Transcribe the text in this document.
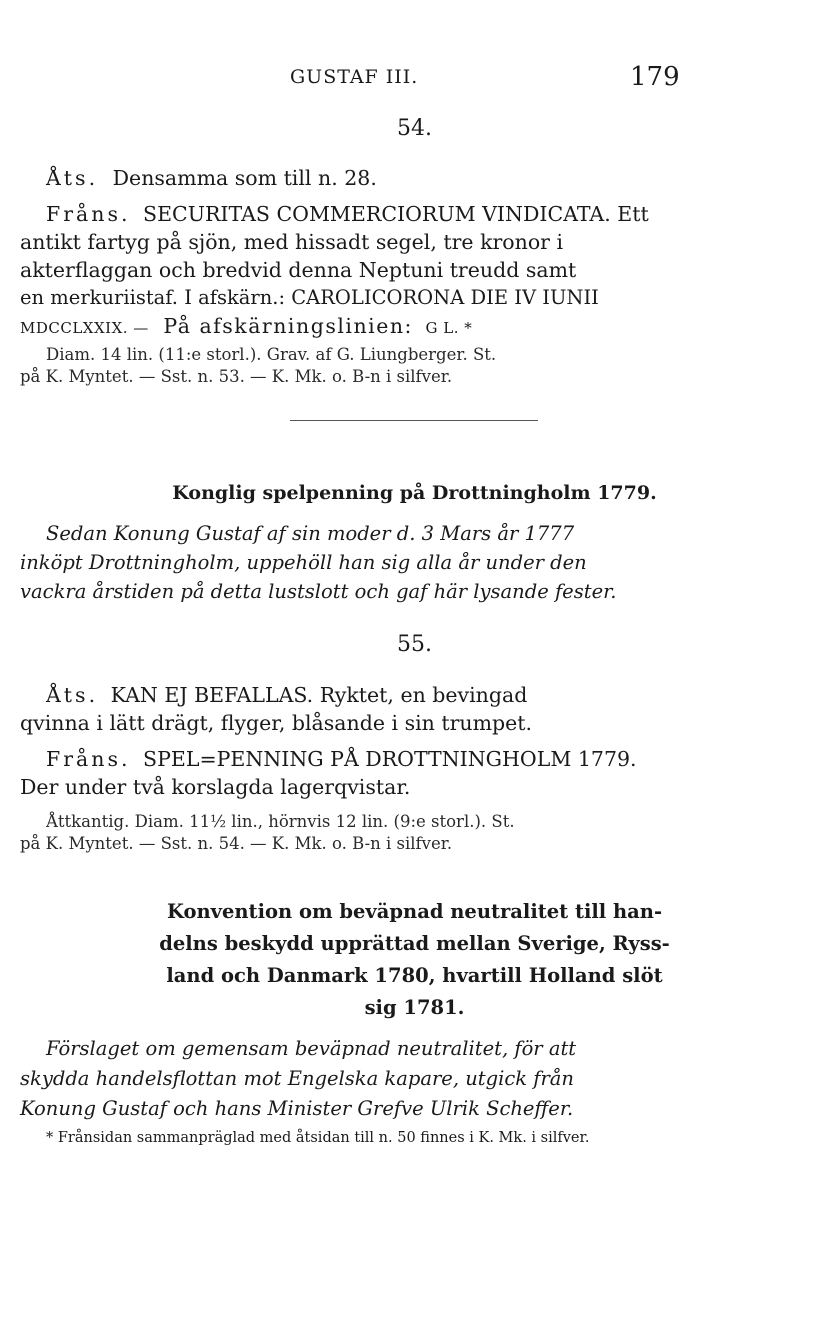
GUSTAF III.	179
54.
Åts. Densamma som till n. 28.
Fråns. SECURITAS COMMERCIORUM VINDICATA. Ett
antikt fartyg på sjön, med hissadt segel, tre kronor i
akterflaggan och bredvid denna Neptuni treudd samt
en merkuriistaf. I afskärn.: CAROLICORONA DIE IV IUNII
MDCCLXXIX. — På afskärningslinien: G L. *
Diam. 14 lin. (11:e storl.). Grav. af G. Liungberger. St.
på K. Myntet. — Sst. n. 53. — K. Mk. o. B-n i silfver.
Konglig spelpenning på Drottningholm 1779.
Sedan Konung Gustaf af sin moder d. 3 Mars år 1777
inköpt Drottningholm, uppehöll han sig alla år under den
vackra årstiden på detta lustslott och gaf här lysande fester.
55.
Åts. KAN EJ BEFALLAS. Ryktet, en bevingad
qvinna i lätt drägt, flyger, blåsande i sin trumpet.
Fråns. SPEL=PENNING PÅ DROTTNINGHOLM 1779.
Der under två korslagda lagerqvistar.
Åttkantig. Diam. 11½ lin., hörnvis 12 lin. (9:e storl.). St.
på K. Myntet. — Sst. n. 54. — K. Mk. o. B-n i silfver.
Konvention om beväpnad neutralitet till han-
delns beskydd upprättad mellan Sverige, Ryss-
land och Danmark 1780, hvartill Holland slöt
sig 1781.
Förslaget om gemensam beväpnad neutralitet, för att
skydda handelsflottan mot Engelska kapare, utgick från
Konung Gustaf och hans Minister Grefve Ulrik Scheffer.
* Frånsidan sammanpräglad med åtsidan till n. 50 finnes i K. Mk. i silfver.
